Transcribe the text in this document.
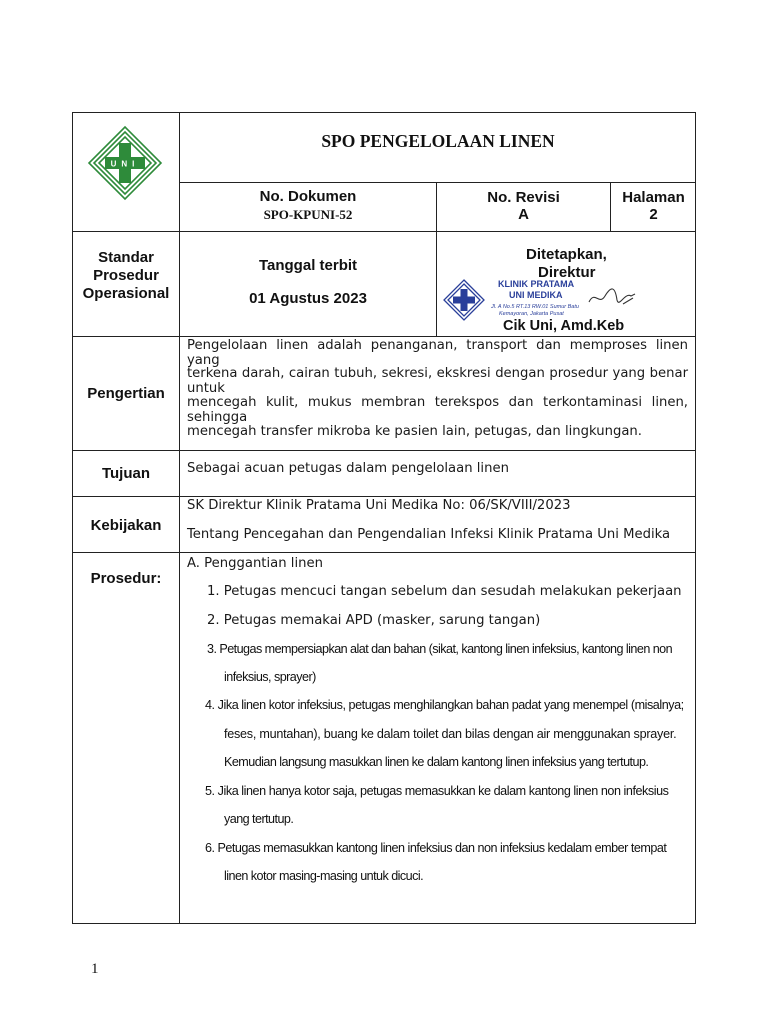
UNI
SPO PENGELOLAAN LINEN
No. Dokumen
SPO-KPUNI-52
No. Revisi
A
Halaman
2
Standar
Prosedur
Operasional
Tanggal terbit
01 Agustus 2023
Ditetapkan,
Direktur
KLINIK PRATAMA
UNI MEDIKA
Jl. A No.5 RT.13 RW.01 Sumur Batu
Kemayoran, Jakarta Pusat
Cik Uni, Amd.Keb
Pengertian
Pengelolaan linen adalah penanganan, transport dan memproses linen yang
terkena darah, cairan tubuh, sekresi, ekskresi dengan prosedur yang benar untuk
mencegah kulit, mukus membran terekspos dan terkontaminasi linen, sehingga
mencegah transfer mikroba ke pasien lain, petugas, dan lingkungan.
Tujuan	Sebagai acuan petugas dalam pengelolaan linen
Kebijakan
SK Direktur Klinik Pratama Uni Medika No: 06/SK/VIII/2023
Tentang Pencegahan dan Pengendalian Infeksi Klinik Pratama Uni Medika
Prosedur:
A. Penggantian linen
1. Petugas mencuci tangan sebelum dan sesudah melakukan pekerjaan
2. Petugas memakai APD (masker, sarung tangan)
3. Petugas mempersiapkan alat dan bahan (sikat, kantong linen infeksius, kantong linen non
infeksius, sprayer)
4. Jika linen kotor infeksius, petugas menghilangkan bahan padat yang menempel (misalnya;
feses, muntahan), buang ke dalam toilet dan bilas dengan air menggunakan sprayer.
Kemudian langsung masukkan linen ke dalam kantong linen infeksius yang tertutup.
5. Jika linen hanya kotor saja, petugas memasukkan ke dalam kantong linen non infeksius
yang tertutup.
6. Petugas memasukkan kantong linen infeksius dan non infeksius kedalam ember tempat
linen kotor masing-masing untuk dicuci.
1
